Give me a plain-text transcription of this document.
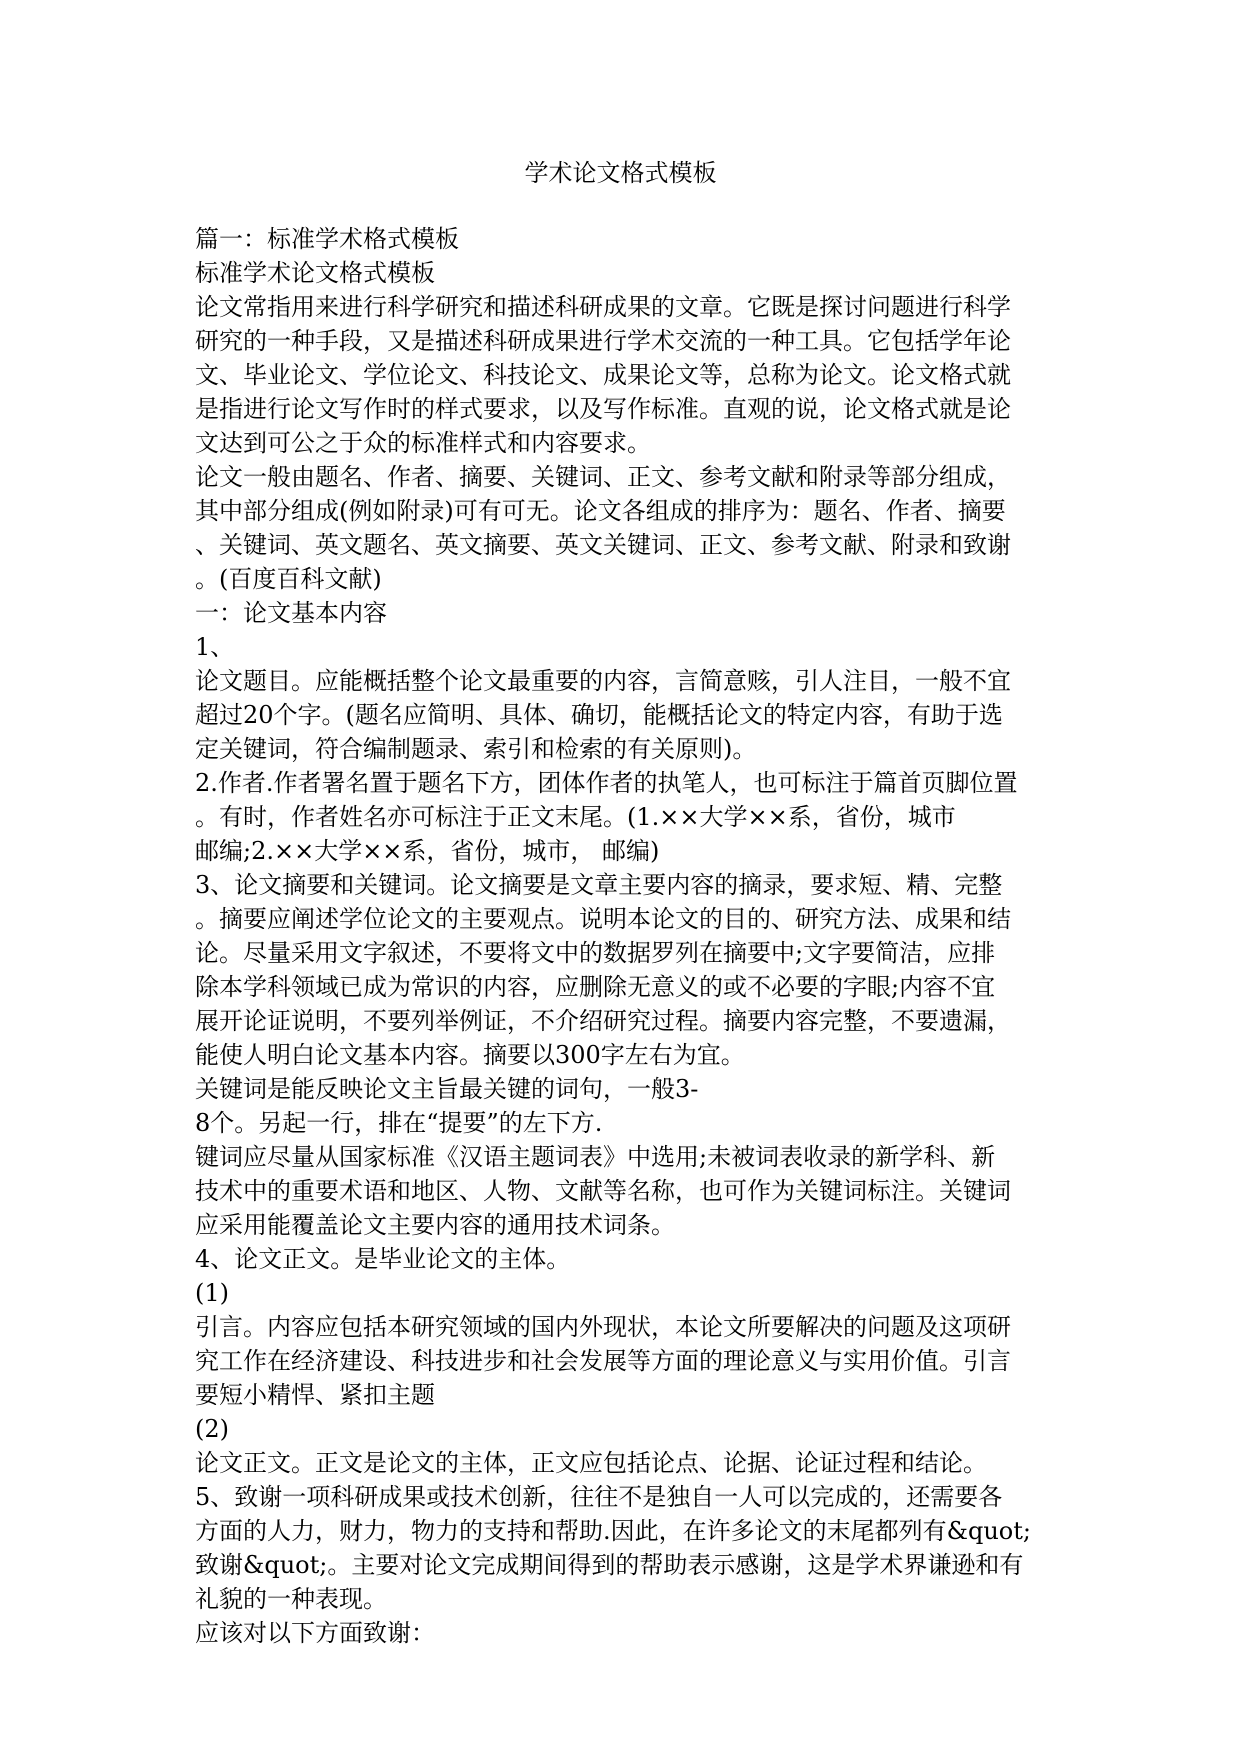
学术论文格式模板
篇一：标准学术格式模板
标准学术论文格式模板
论文常指用来进行科学研究和描述科研成果的文章。它既是探讨问题进行科学
研究的一种手段，又是描述科研成果进行学术交流的一种工具。它包括学年论
文、毕业论文、学位论文、科技论文、成果论文等，总称为论文。论文格式就
是指进行论文写作时的样式要求，以及写作标准。直观的说，论文格式就是论
文达到可公之于众的标准样式和内容要求。
论文一般由题名、作者、摘要、关键词、正文、参考文献和附录等部分组成，
其中部分组成(例如附录)可有可无。论文各组成的排序为：题名、作者、摘要
、关键词、英文题名、英文摘要、英文关键词、正文、参考文献、附录和致谢
。(百度百科文献)
一：论文基本内容
1、
论文题目。应能概括整个论文最重要的内容，言简意赅，引人注目，一般不宜
超过20个字。(题名应简明、具体、确切，能概括论文的特定内容，有助于选
定关键词，符合编制题录、索引和检索的有关原则)。
2.作者.作者署名置于题名下方，团体作者的执笔人，也可标注于篇首页脚位置
。有时，作者姓名亦可标注于正文末尾。(1.××大学××系，省份，城市
邮编;2.××大学××系，省份，城市， 邮编)
3、论文摘要和关键词。论文摘要是文章主要内容的摘录，要求短、精、完整
。摘要应阐述学位论文的主要观点。说明本论文的目的、研究方法、成果和结
论。尽量采用文字叙述，不要将文中的数据罗列在摘要中;文字要简洁，应排
除本学科领域已成为常识的内容，应删除无意义的或不必要的字眼;内容不宜
展开论证说明，不要列举例证，不介绍研究过程。摘要内容完整，不要遗漏，
能使人明白论文基本内容。摘要以300字左右为宜。
关键词是能反映论文主旨最关键的词句，一般3-
8个。另起一行，排在“提要”的左下方.
键词应尽量从国家标准《汉语主题词表》中选用;未被词表收录的新学科、新
技术中的重要术语和地区、人物、文献等名称，也可作为关键词标注。关键词
应采用能覆盖论文主要内容的通用技术词条。
4、论文正文。是毕业论文的主体。
(1)
引言。内容应包括本研究领域的国内外现状，本论文所要解决的问题及这项研
究工作在经济建设、科技进步和社会发展等方面的理论意义与实用价值。引言
要短小精悍、紧扣主题
(2)
论文正文。正文是论文的主体，正文应包括论点、论据、论证过程和结论。
5、致谢一项科研成果或技术创新，往往不是独自一人可以完成的，还需要各
方面的人力，财力，物力的支持和帮助.因此，在许多论文的末尾都列有&quot;
致谢&quot;。主要对论文完成期间得到的帮助表示感谢，这是学术界谦逊和有
礼貌的一种表现。
应该对以下方面致谢：
